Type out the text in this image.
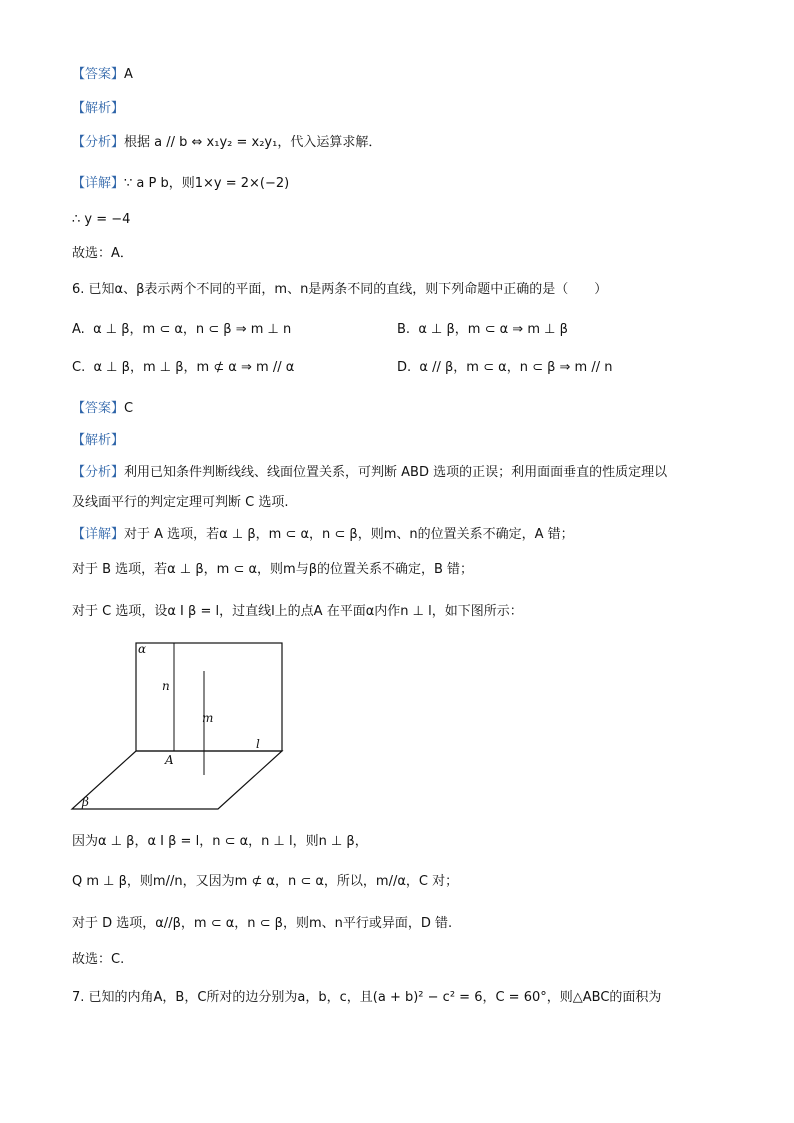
【答案】A
【解析】
【分析】根据 a // b ⇔ x₁y₂ = x₂y₁，代入运算求解．
【详解】∵ a P b，则1×y = 2×(−2)
∴ y = −4
故选：A．
6. 已知α、β表示两个不同的平面，m、n是两条不同的直线，则下列命题中正确的是（　　）
A. α ⊥ β，m ⊂ α，n ⊂ β ⇒ m ⊥ n	B. α ⊥ β，m ⊂ α ⇒ m ⊥ β
C. α ⊥ β，m ⊥ β，m ⊄ α ⇒ m // α	D. α // β，m ⊂ α，n ⊂ β ⇒ m // n
【答案】C
【解析】
【分析】利用已知条件判断线线、线面位置关系，可判断 ABD 选项的正误；利用面面垂直的性质定理以
及线面平行的判定定理可判断 C 选项.
【详解】对于 A 选项，若α ⊥ β，m ⊂ α，n ⊂ β，则m、n的位置关系不确定，A 错；
对于 B 选项，若α ⊥ β，m ⊂ α，则m与β的位置关系不确定，B 错；
对于 C 选项，设α I β = l，过直线l上的点A 在平面α内作n ⊥ l，如下图所示：
α
n
m
l
A
β
因为α ⊥ β，α I β = l，n ⊂ α，n ⊥ l，则n ⊥ β，
Q m ⊥ β，则m//n，又因为m ⊄ α，n ⊂ α，所以，m//α，C 对；
对于 D 选项，α//β，m ⊂ α，n ⊂ β，则m、n平行或异面，D 错.
故选：C.
7. 已知的内角A，B，C所对的边分别为a，b，c，且(a + b)² − c² = 6，C = 60°，则△ABC的面积为
